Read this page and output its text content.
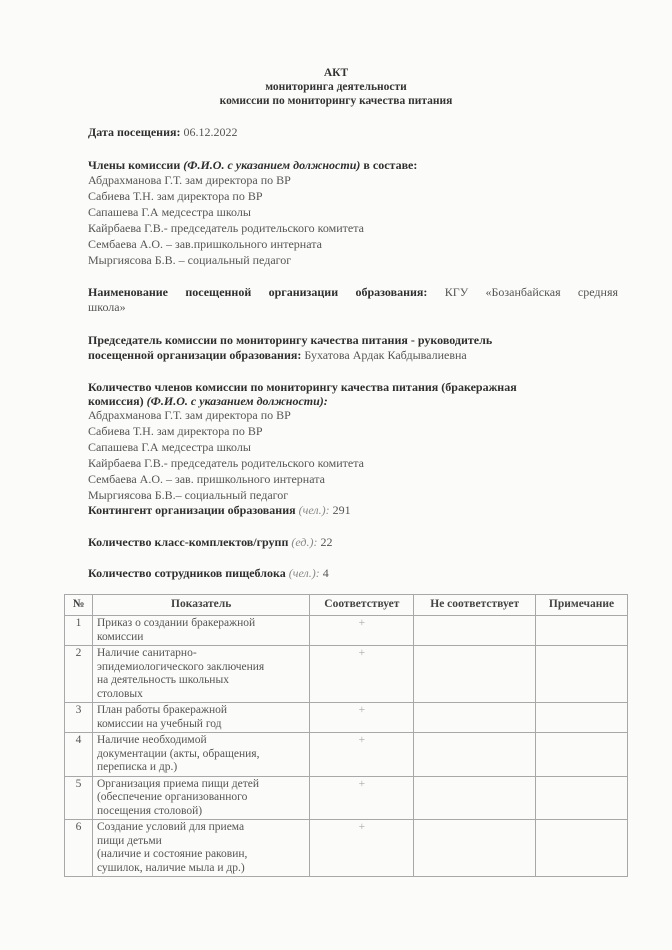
АКТ
мониторинга деятельности
комиссии по мониторингу качества питания
Дата посещения: 06.12.2022
Члены комиссии (Ф.И.О. с указанием должности) в составе:
Абдрахманова Г.Т. зам директора по ВР
Сабиева Т.Н. зам директора по ВР
Сапашева Г.А медсестра школы
Кайрбаева Г.В.- председатель родительского комитета
Сембаева А.О. – зав.пришкольного интерната
Мыргиясова Б.В. – социальный педагог
Наименование посещенной организации образования: КГУ «Бозанбайская средняя
школа»
Председатель комиссии по мониторингу качества питания - руководитель
посещенной организации образования: Бухатова Ардак Кабдывалиевна
Количество членов комиссии по мониторингу качества питания (бракеражная
комиссия) (Ф.И.О. с указанием должности):
Абдрахманова Г.Т. зам директора по ВР
Сабиева Т.Н. зам директора по ВР
Сапашева Г.А медсестра школы
Кайрбаева Г.В.- председатель родительского комитета
Сембаева А.О. – зав. пришкольного интерната
Мыргиясова Б.В.– социальный педагог
Контингент организации образования (чел.): 291
Количество класс-комплектов/групп (ед.): 22
Количество сотрудников пищеблока (чел.): 4
№	Показатель	Соответствует	Не соответствует	Примечание
1	Приказ о создании бракеражной
комиссии	+		
2	Наличие санитарно-
эпидемиологического заключения
на деятельность школьных
столовых	+		
3	План работы бракеражной
комиссии на учебный год	+		
4	Наличие необходимой
документации (акты, обращения,
переписка и др.)	+		
5	Организация приема пищи детей
(обеспечение организованного
посещения столовой)	+		
6	Создание условий для приема
пищи детьми
(наличие и состояние раковин,
сушилок, наличие мыла и др.)	+		
